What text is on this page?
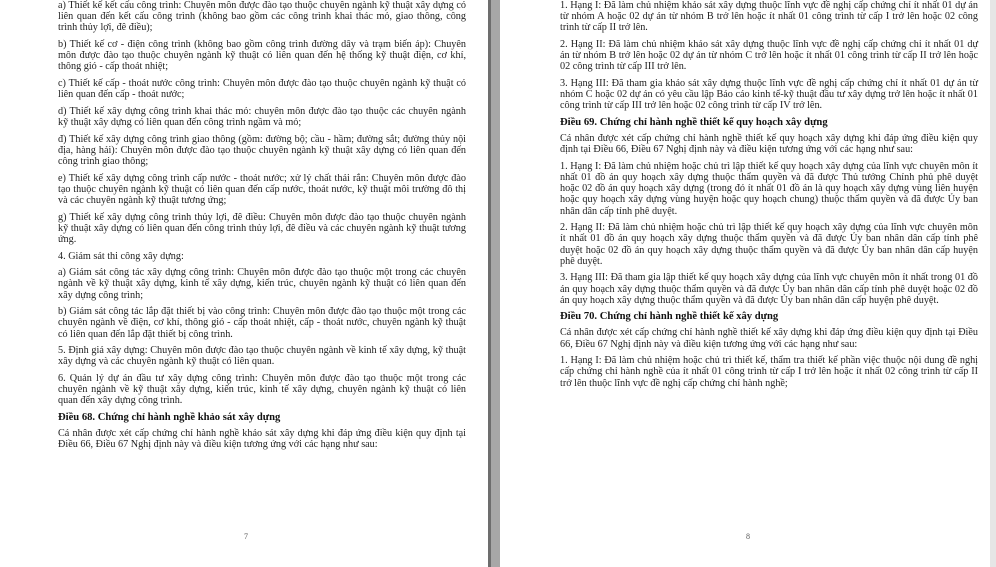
a) Thiết kế kết cấu công trình: Chuyên môn được đào tạo thuộc chuyên ngành kỹ thuật xây dựng có liên quan đến kết cấu công trình (không bao gồm các công trình khai thác mỏ, giao thông, công trình thủy lợi, đê điều);
b) Thiết kế cơ - điện công trình (không bao gồm công trình đường dây và trạm biến áp): Chuyên môn được đào tạo thuộc chuyên ngành kỹ thuật có liên quan đến hệ thống kỹ thuật điện, cơ khí, thông gió - cấp thoát nhiệt;
c) Thiết kế cấp - thoát nước công trình: Chuyên môn được đào tạo thuộc chuyên ngành kỹ thuật có liên quan đến cấp - thoát nước;
d) Thiết kế xây dựng công trình khai thác mỏ: chuyên môn được đào tạo thuộc các chuyên ngành kỹ thuật xây dựng có liên quan đến công trình ngầm và mỏ;
đ) Thiết kế xây dựng công trình giao thông (gồm: đường bộ; cầu - hầm; đường sắt; đường thủy nội địa, hàng hải): Chuyên môn được đào tạo thuộc chuyên ngành kỹ thuật xây dựng có liên quan đến công trình giao thông;
e) Thiết kế xây dựng công trình cấp nước - thoát nước; xử lý chất thải rắn: Chuyên môn được đào tạo thuộc chuyên ngành kỹ thuật có liên quan đến cấp nước, thoát nước, kỹ thuật môi trường đô thị và các chuyên ngành kỹ thuật tương ứng;
g) Thiết kế xây dựng công trình thủy lợi, đê điều: Chuyên môn được đào tạo thuộc chuyên ngành kỹ thuật xây dựng có liên quan đến công trình thủy lợi, đê điều và các chuyên ngành kỹ thuật tương ứng.
4. Giám sát thi công xây dựng:
a) Giám sát công tác xây dựng công trình: Chuyên môn được đào tạo thuộc một trong các chuyên ngành về kỹ thuật xây dựng, kinh tế xây dựng, kiến trúc, chuyên ngành kỹ thuật có liên quan đến xây dựng công trình;
b) Giám sát công tác lắp đặt thiết bị vào công trình: Chuyên môn được đào tạo thuộc một trong các chuyên ngành về điện, cơ khí, thông gió - cấp thoát nhiệt, cấp - thoát nước, chuyên ngành kỹ thuật có liên quan đến lắp đặt thiết bị công trình.
5. Định giá xây dựng: Chuyên môn được đào tạo thuộc chuyên ngành về kinh tế xây dựng, kỹ thuật xây dựng và các chuyên ngành kỹ thuật có liên quan.
6. Quản lý dự án đầu tư xây dựng công trình: Chuyên môn được đào tạo thuộc một trong các chuyên ngành về kỹ thuật xây dựng, kiến trúc, kinh tế xây dựng, chuyên ngành kỹ thuật có liên quan đến xây dựng công trình.
Điều 68. Chứng chỉ hành nghề khảo sát xây dựng
Cá nhân được xét cấp chứng chỉ hành nghề khảo sát xây dựng khi đáp ứng điều kiện quy định tại Điều 66, Điều 67 Nghị định này và điều kiện tương ứng với các hạng như sau:
7
1. Hạng I: Đã làm chủ nhiệm khảo sát xây dựng thuộc lĩnh vực đề nghị cấp chứng chỉ ít nhất 01 dự án từ nhóm A hoặc 02 dự án từ nhóm B trở lên hoặc ít nhất 01 công trình từ cấp I trở lên hoặc 02 công trình từ cấp II trở lên.
2. Hạng II: Đã làm chủ nhiệm khảo sát xây dựng thuộc lĩnh vực đề nghị cấp chứng chỉ ít nhất 01 dự án từ nhóm B trở lên hoặc 02 dự án từ nhóm C trở lên hoặc ít nhất 01 công trình từ cấp II trở lên hoặc 02 công trình từ cấp III trở lên.
3. Hạng III: Đã tham gia khảo sát xây dựng thuộc lĩnh vực đề nghị cấp chứng chỉ ít nhất 01 dự án từ nhóm C hoặc 02 dự án có yêu cầu lập Báo cáo kinh tế-kỹ thuật đầu tư xây dựng trở lên hoặc ít nhất 01 công trình từ cấp III trở lên hoặc 02 công trình từ cấp IV trở lên.
Điều 69. Chứng chỉ hành nghề thiết kế quy hoạch xây dựng
Cá nhân được xét cấp chứng chỉ hành nghề thiết kế quy hoạch xây dựng khi đáp ứng điều kiện quy định tại Điều 66, Điều 67 Nghị định này và điều kiện tương ứng với các hạng như sau:
1. Hạng I: Đã làm chủ nhiệm hoặc chủ trì lập thiết kế quy hoạch xây dựng của lĩnh vực chuyên môn ít nhất 01 đồ án quy hoạch xây dựng thuộc thẩm quyền và đã được Thủ tướng Chính phủ phê duyệt hoặc 02 đồ án quy hoạch xây dựng (trong đó ít nhất 01 đồ án là quy hoạch xây dựng vùng liên huyện hoặc quy hoạch xây dựng vùng huyện hoặc quy hoạch chung) thuộc thẩm quyền và đã được Ủy ban nhân dân cấp tỉnh phê duyệt.
2. Hạng II: Đã làm chủ nhiệm hoặc chủ trì lập thiết kế quy hoạch xây dựng của lĩnh vực chuyên môn ít nhất 01 đồ án quy hoạch xây dựng thuộc thẩm quyền và đã được Ủy ban nhân dân cấp tỉnh phê duyệt hoặc 02 đồ án quy hoạch xây dựng thuộc thẩm quyền và đã được Ủy ban nhân dân cấp huyện phê duyệt.
3. Hạng III: Đã tham gia lập thiết kế quy hoạch xây dựng của lĩnh vực chuyên môn ít nhất trong 01 đồ án quy hoạch xây dựng thuộc thẩm quyền và đã được Ủy ban nhân dân cấp tỉnh phê duyệt hoặc 02 đồ án quy hoạch xây dựng thuộc thẩm quyền và đã được Ủy ban nhân dân cấp huyện phê duyệt.
Điều 70. Chứng chỉ hành nghề thiết kế xây dựng
Cá nhân được xét cấp chứng chỉ hành nghề thiết kế xây dựng khi đáp ứng điều kiện quy định tại Điều 66, Điều 67 Nghị định này và điều kiện tương ứng với các hạng như sau:
1. Hạng I: Đã làm chủ nhiệm hoặc chủ trì thiết kế, thẩm tra thiết kế phần việc thuộc nội dung đề nghị cấp chứng chỉ hành nghề của ít nhất 01 công trình từ cấp I trở lên hoặc ít nhất 02 công trình từ cấp II trở lên thuộc lĩnh vực đề nghị cấp chứng chỉ hành nghề;
8
